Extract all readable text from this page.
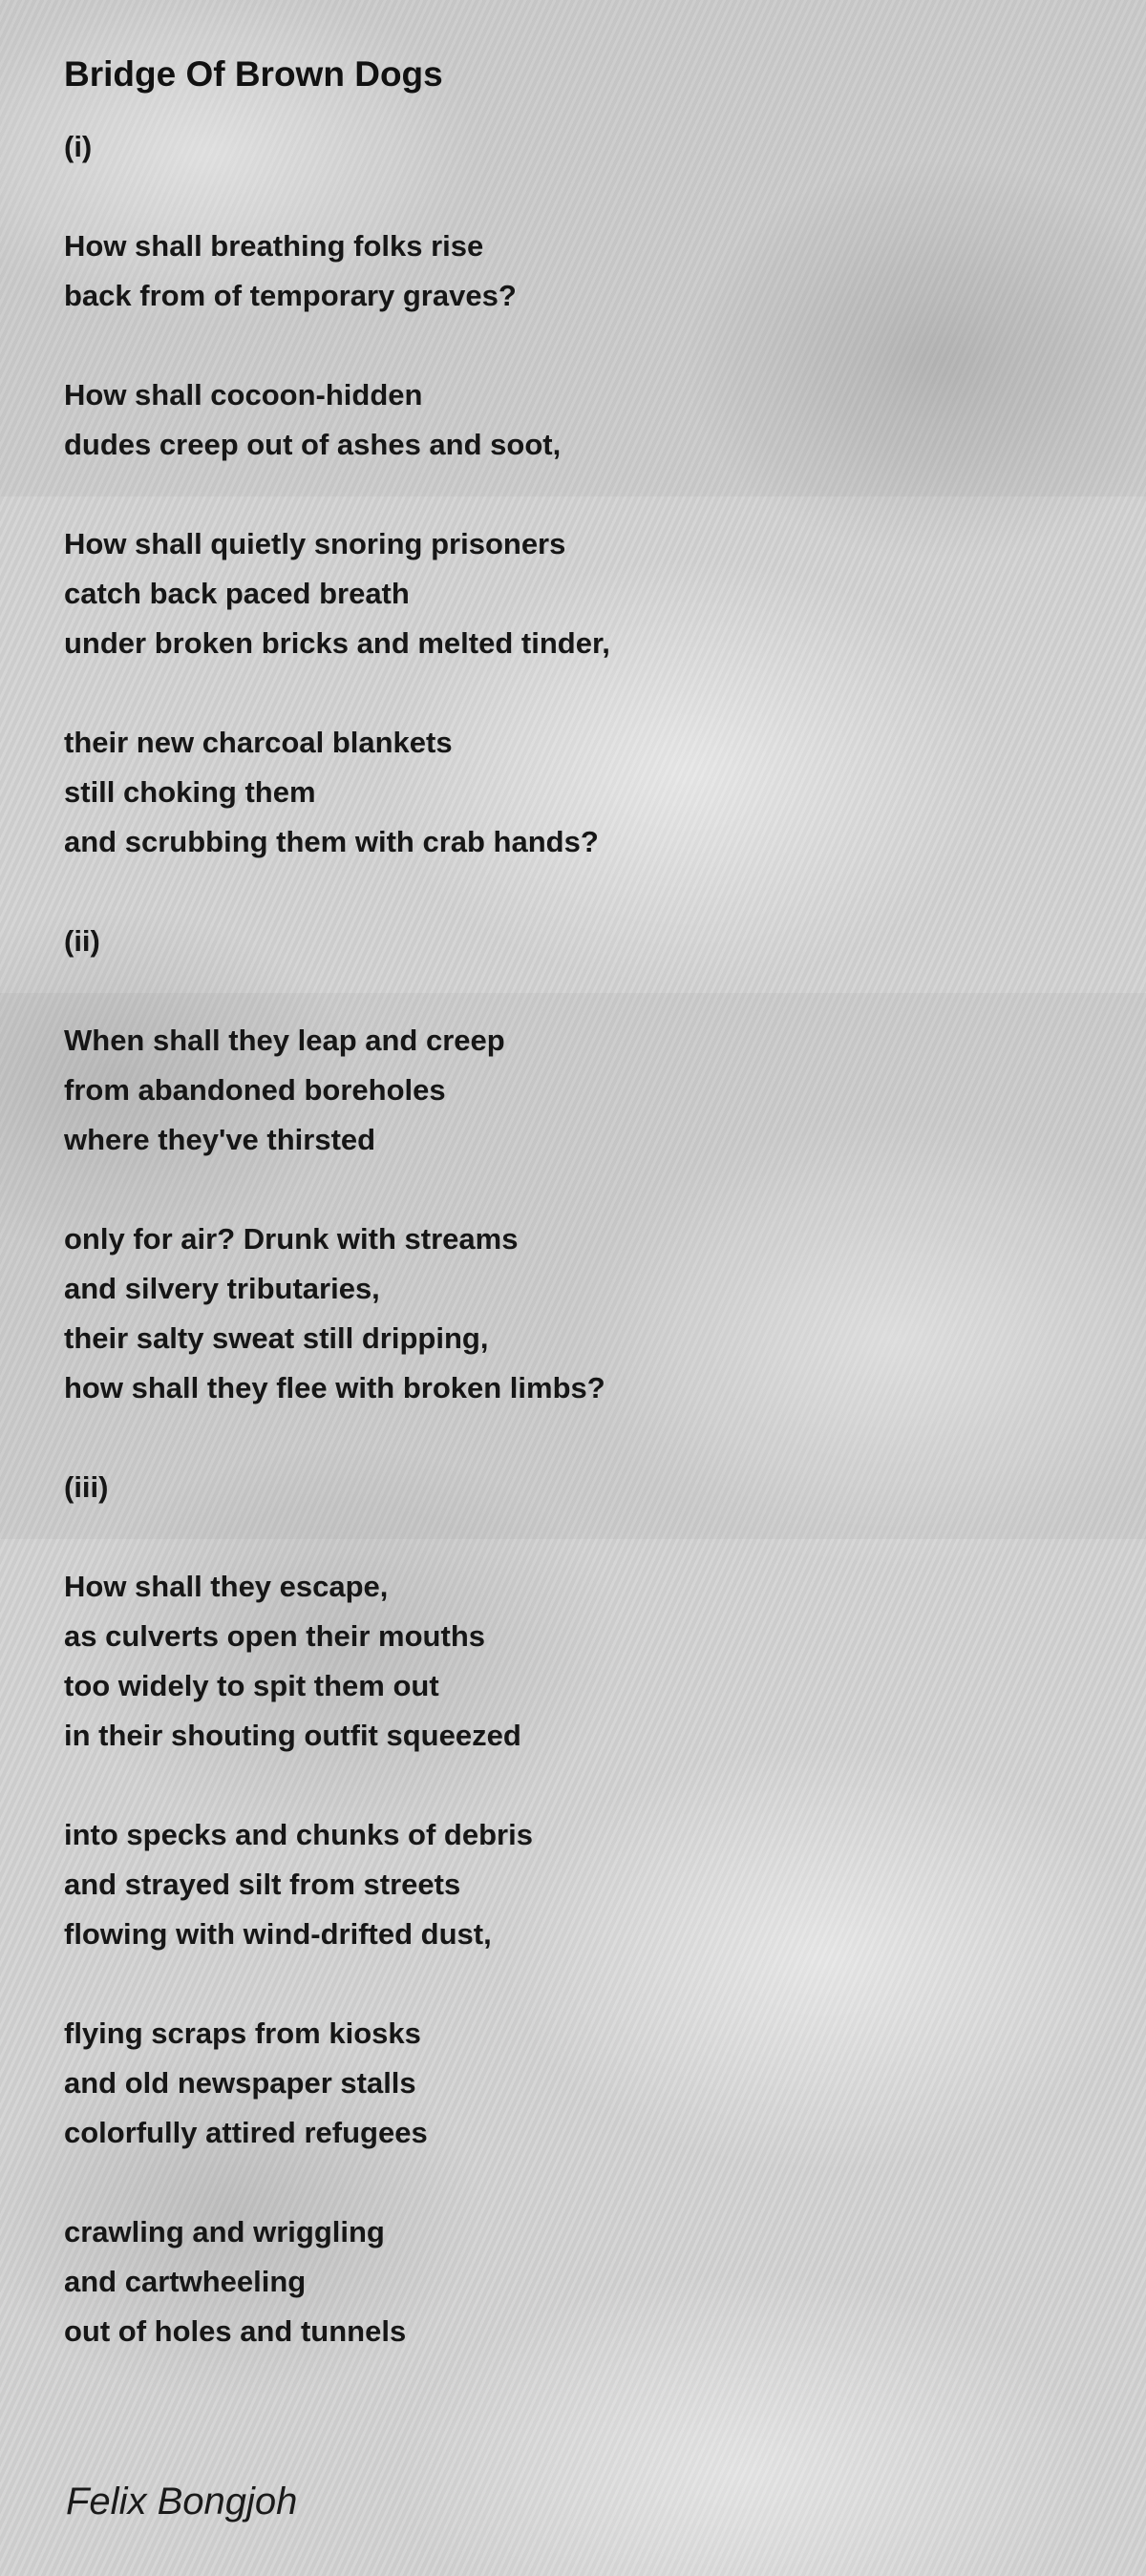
Bridge Of Brown Dogs
(i)
How shall breathing folks rise
back from of temporary graves?
How shall cocoon-hidden
dudes creep out of ashes and soot,
How shall quietly snoring prisoners
catch back paced breath
under broken bricks and melted tinder,
their new charcoal blankets
still choking them
and scrubbing them with crab hands?
(ii)
When shall they leap and creep
from abandoned boreholes
where they've thirsted
only for air? Drunk with streams
and silvery tributaries,
their salty sweat still dripping,
how shall they flee with broken limbs?
(iii)
How shall they escape,
as culverts open their mouths
too widely to spit them out
in their shouting outfit squeezed
into specks and chunks of debris
and strayed silt from streets
flowing with wind-drifted dust,
flying scraps from kiosks
and old newspaper stalls
colorfully attired refugees
crawling and wriggling
and cartwheeling
out of holes and tunnels
Felix Bongjoh
